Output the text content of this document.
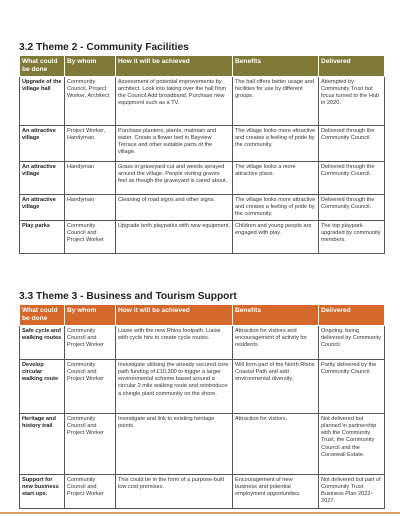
3.2 Theme 2 - Community Facilities
What could be done	By whom	How it will be achieved	Benefits	Delivered
Upgrade of the village hall	Community Council, Project Worker, Architect	Assessment of potential improvements by architect. Look into taking over the hall from the Council.Add broadband. Purchase new equipment such as a TV.	The hall offers better usage and facilities for use by different groups.	Attempted by Community Trust but focus turned to the Hub in 2020.
An attractive village	Project Worker, Handyman	Purchase planters, plants, maintain and water. Create a flower bed in Bayview Terrace and other suitable parts of the village.	The village looks more attractive and creates a feeling of pride by the community.	Delivered through the Community Council.
An attractive village	Handyman	Grass in graveyard cut and weeds sprayed around the village. People visiting graves feel as though the graveyard is cared about.	The village looks a more attractive place.	Delivered through the Community Council.
An attractive village	Handyman	Cleaning of road signs and other signs.	The village looks more attractive and creates a feeling of pride by the community.	Delivered through the Community Council.
Play parks	Community Council and Project Worker	Upgrade both playparks with new equipment.	Children and young people are engaged with play.	The top playpark upgraded by community members.
3.3 Theme 3 - Business and Tourism Support
What could be done	By whom	How it will be achieved	Benefits	Delivered
Safe cycle and walking routes	Community Council and Project Worker	Liaise with the new Rhins footpath. Liaise with cycle hire to create cycle routes.	Attraction for visitors and encouragement of activity for residents.	Ongoing, being delivered by Community Council.
Develop circular walking route	Community Council and Project Worker	Investigate utilising the already secured core path funding of £10,300 to trigger a larger environmental scheme based around a circular 2 mile walking route and reintroduce a shingle plant community on the shore.	Will form part of the North Rhins Coastal Path and add environmental diversity.	Partly delivered by the Community Council.
Heritage and history trail	Community Council and Project Worker	Investigate and link to existing heritage points.	Attraction for visitors.	Not delivered but planned in partnership with the Community Trust, the Community Council and the Corsewall Estate.
Support for new business start ups.	Community Council and Project Worker	This could be in the form of a purpose-built low cost premises.	Encouragement of new business and potential employment opportunities.	Not delivered but part of Community Trust Business Plan 2022-2027.
